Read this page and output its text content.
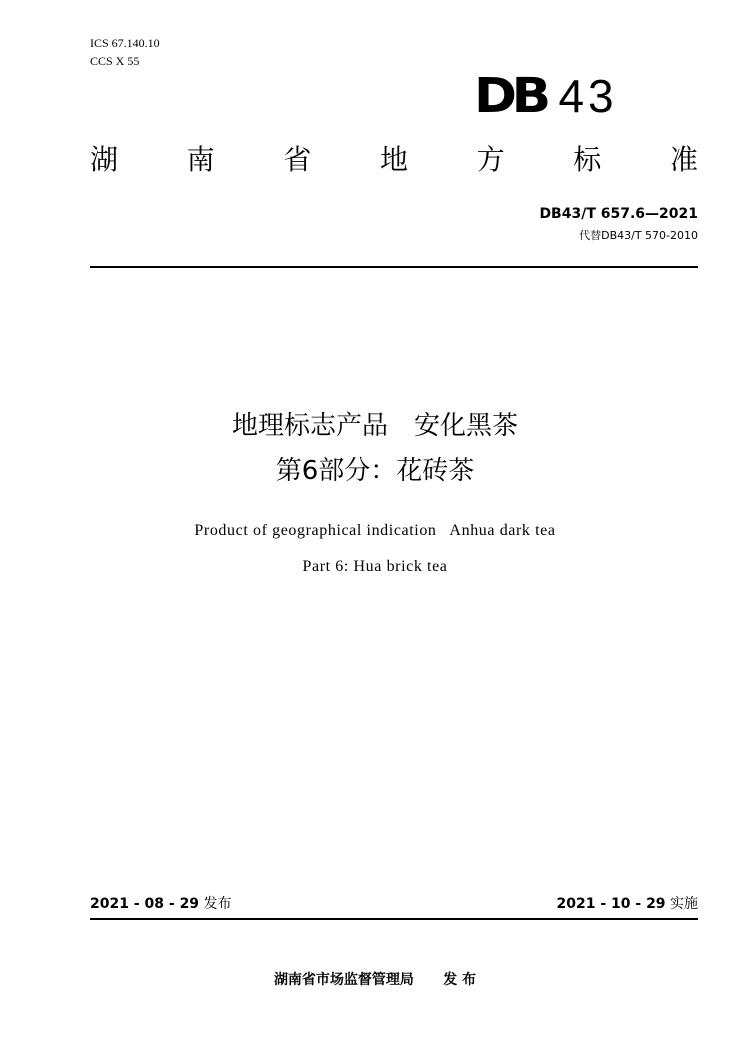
ICS 67.140.10
CCS X 55
DB 43
湖 南 省 地 方 标 准
DB43/T 657.6—2021
代替DB43/T 570-2010
地理标志产品　安化黑茶
第6部分：花砖茶
Product of geographical indication   Anhua dark tea
Part 6: Hua brick tea
2021 - 08 - 29 发布	2021 - 10 - 29 实施
湖南省市场监督管理局 发 布
